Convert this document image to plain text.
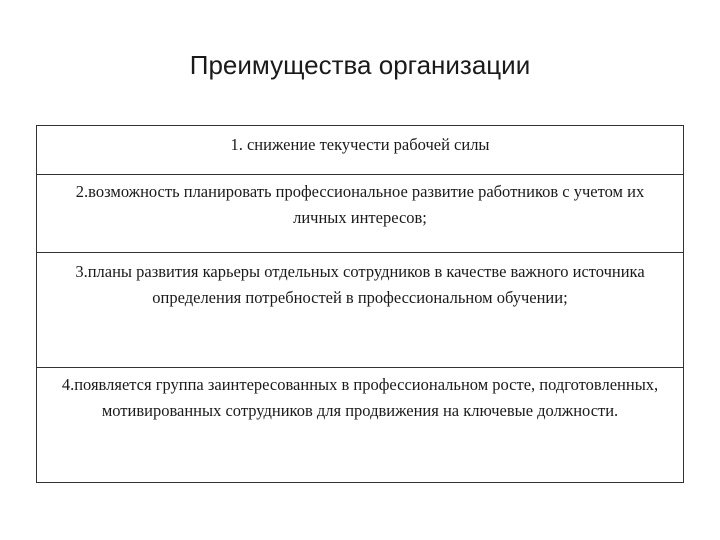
Преимущества организации

1. снижение текучести рабочей силы

2.возможность планировать профессиональное развитие работников с учетом их личных интересов;

3.планы развития карьеры отдельных сотрудников в качестве важного источника определения потребностей в профессиональном обучении;

4.появляется группа заинтересованных в профессиональном росте, подготовленных, мотивированных сотрудников для продвижения на ключевые должности.
